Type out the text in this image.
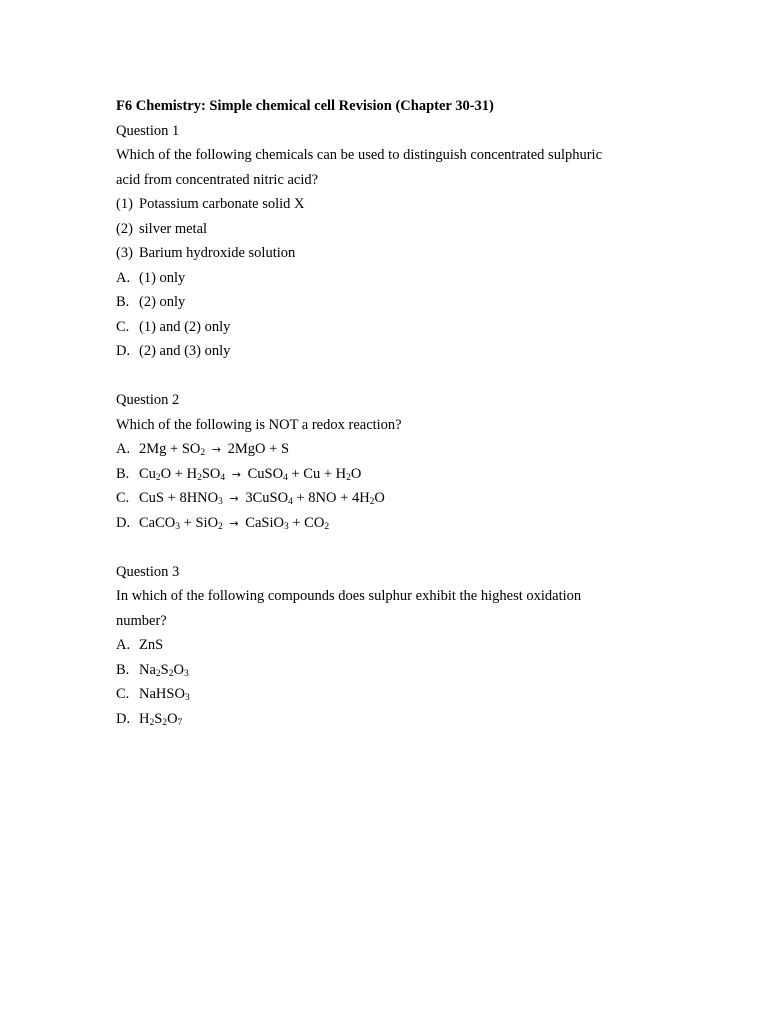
F6 Chemistry: Simple chemical cell Revision (Chapter 30-31)
Question 1
Which of the following chemicals can be used to distinguish concentrated sulphuric
acid from concentrated nitric acid?
(1) Potassium carbonate solid X
(2) silver metal
(3) Barium hydroxide solution
A. (1) only
B. (2) only
C. (1) and (2) only
D. (2) and (3) only
Question 2
Which of the following is NOT a redox reaction?
A. $2Mg + SO_2 \to 2MgO + S$
B. $Cu_2O + H_2SO_4$ → CuSO$_4$ + $Cu + H_2O$
C. CuS + $8HNO_3$ → 3CuSO$_4$ + $8NO + 4H_2O$
D. CaCO$_3$ + SiO$_2$ → CaSiO$_3$ + $CO_2$
Question 3
In which of the following compounds does sulphur exhibit the highest oxidation
number?
A. ZnS
B. $Na_2S_2O_3$
C. NaHSO$_3$
D. $H_2S_2O_7$
